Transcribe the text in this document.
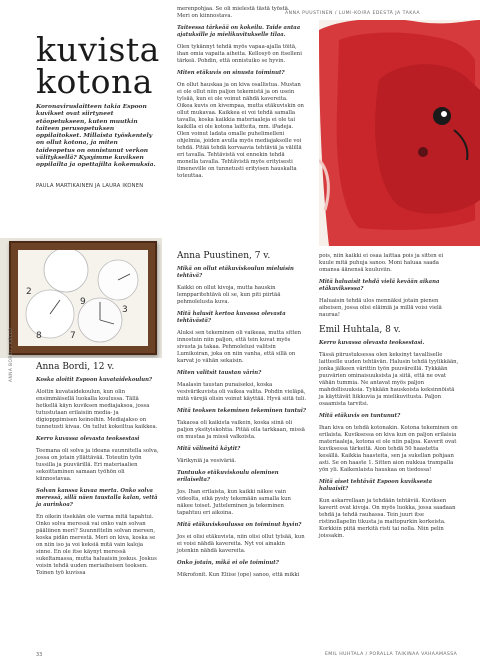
ANNA PUUSTINEN / LUMI-KOIRA EDESTÄ JA TAKAA
kuvista
kotona
Koronaviruslaitteen takia Espoon kuvikset ovat siirtyneet etäopetukseen, kuten muutkin taiteen perusopetuksen oppilaitokset. Millaista työskentely on ollut kotona, ja miten taideopetus on onnistunut verkon välityksellä? Kysyimme kuviksen oppilailta ja opettajilta kokemuksia.
PAULA MARTIKAINEN JA LAURA IKONEN
2
8
9
3
7
ANNA BORDI / KELLO Anna Bordi, 12 v.

Koska aloitit Espoon kuvataidekoulun?

Aloitin kuvataidekoulun, kun olin ensimmäisellä luokalla koulussa. Tällä hetkellä käyn kuviksen mediajaksoa, jossa tutustutaan erilaisiin media- ja digiopppimisen keinoihin. Mediajakso on tunnetusti kivaa. On tullut kokeiltua kaikkea.

Kerro kuvassa olevasta teoksestasi

Teemana oli solva ja ideana suunnitella solva, jossa on jotain yllättävää. Toteutin työn tussilla ja puuvärillä. Eri materiaalien sekoittaminen samaan työhön oli kiinnostavaa.

Solvan kanssa kuvaa merta. Onko solva meressä, sillä näen taustalla kalan, vettä ja aurinkoa?

En oikein itsekään ole varma mitä tapahtui. Onko solva meressä vai onko vain solvan pääliinen meri? Suunnittelin solvan mereen, koska pidän merestä. Meri on kiva, koska se on niin iso ja voi keksiä mitä vain kaloja sinne. En ole itse käynyt meressä sukeltamassa, mutta haluaisin joskus. Joskus voisin tehdä uuden meriaiheisen teoksen. Toinen työ kuvissa

merenpohjaa. Se oli mielestä tästä työstä. Meri on kiinnostava.

Taiteessa tärkeää on kokeilu. Taide antaa ajatuksille ja mielikuvitukselle tilaa.

Olen tykännyt tehdä myös vapaa-ajalla töitä, ihan omia vapaita aiheita. Kellosyö on itselleni tärkeä. Pohdin, että onnistuiko se hyvin.

Miten etäkuvis on sinusta toiminut?

On ollut hauskaa ja on kiva osallistua. Mustan ei ole ollut niin paljon tekemistä ja on usein tylsää, kun ei ole voinut nähdä kavereita. Oikea kuvis on kivempaa, mutta etäkuviskin on ollut mukavaa. Kaikkea ei voi tehdä samalla tavalla, koska kaikkia materiaaleja ei ole tai kaikilla ei ole kotona laitteita, mm. iPadeja. Olen voinut ladata omalle puhelimelleni ohjelmia, joiden avulla myös mediajaksolle voi tehdä. Pitää tehdä korvaavia tehtäviä ja välillä eri tavalla. Tehtävistä voi ennekin tehdä monella tavalla. Tehtävistä myös erityisesti ilmeneville on tunnetusti erityisen hauskalta toteuttaa.

Anna Puustinen, 7 v.

Mikä on ollut etäkuviskoulun mieluisin tehtävä?

Kaikki on ollut kivoja, mutta hauskin lempparitehtävä oli se, kun piti piirtää pehmolelusta kuva.

Mitä halusit kertoa kuvassa olevasta tehtävästä?

Aluksi sen tekeminen oli vaikeaa, mutta sitten innostuin niin paljon, että tein kuvat myös sivusta ja takaa. Pehmolelusi valitsin Lumikoiran, joka on niin vanha, että sillä on karvat jo vähän sekaisin.

Miten valitsit taustan värin?

Maalasin taustan punaiseksi, koska vesivärikuvista oli vaikea valita. Pohdin vieläpä, mitä värejä olisin voinut käyttää. Hyvä siitä tuli.

Mitä teoksen tekeminen tekeminen tuntui?

Takaosa oli kaikista vaikein, koska siinä oli paljon yksityiskohtia. Pitää olla tarkkaan, missä on mustaa ja missä valkoista.

Mitä välineitä käytit?

Värikyniä ja vesiväriä.

Tuntuuko etäkuviskoulu oleminen erilaiselta?

Jos. Ihan erilaista, kun kaikki näkee vain videolta, eikä pysty tekemään samalla kun näkee toiset. Jutteleminen ja tekeminen tapahtuu eri aikoina.

Mitä etäkuviskoulussa on toiminut hyvin?

Jos ei olisi etäkuvista, niin olisi ollut tylsää, kun ei voisi nähdä kavereita. Nyt voi ainakin jotenkin nähdä kavereita.

Onko jotain, mikä ei ole toiminut?

Mikrofonit. Kun Eliise (ope) sanoo, että mikki

pois, niin kaikki ei osaa laittaa pois ja sitten ei kuule mitä puhuja sanoo. Moni haluaa saada omansa äänensä kuuluviin.

Mitä haluaisit tehdä vielä kevään aikana etäkuviksessa?

Haluaisin tehdä ulos mennäksi jotain pienen aiheisen, jossa olisi eläimiä ja millä voisi vielä nauraa!

Emil Huhtala, 8 v.

Kerro kuvassa olevasta teoksestasi.

Tässä piirustuksessa olen keksinyt tavalliselle laitteelle uuden tehtävän. Halusin tehdä tyylikkään, jonka jälkeen värittin työn puuväreillä. Tykkään puuvärien ominaisuuksista ja siitä, että ne ovat vähän tummia. Ne antavat myös paljon mahdollisuuksia. Tykkään hauskoista keksinnöistä ja käyttävät liikkuvia ja mielikuvitusta. Paljon osaamista tarvitsi.

Mitä etäkuvis on tuntunut?

Ihan kiva on tehdä kotonakin. Kotona tekeminen on erilaista. Kuviksessa on kiva kun on paljon erilaisia materiaaleja, kotona ei ole niin paljoa. Kaverit ovat kuviksessa tärkeitä. Aion tehdä 50 haastetta kesällä. Kaikkia haasteita, sen ja sukellan pohjaan asti. Se on haaste 1. Sitten aion nukkua trampalla yön yli. Kaikenlaista hauskaa on tiedossa!

Mitä aiset tehtävät Espoon kuviksesta haluaisit?

Kun askarrellaan ja tehdään tehtäviä. Kuviksen kaverit ovat kivoja. On myös luokka, jossa saadaan tehdä ja tehdä rauhassa. Tein juuri itse ristinollapelin tikusta ja maitopurkin korkeista. Korkkiin piitä merkitä risti tai nolla. Niin pelin joissakin.

33	EMIL HUHTALA / PORALLA TAIKINAA VAHAAMASSA
